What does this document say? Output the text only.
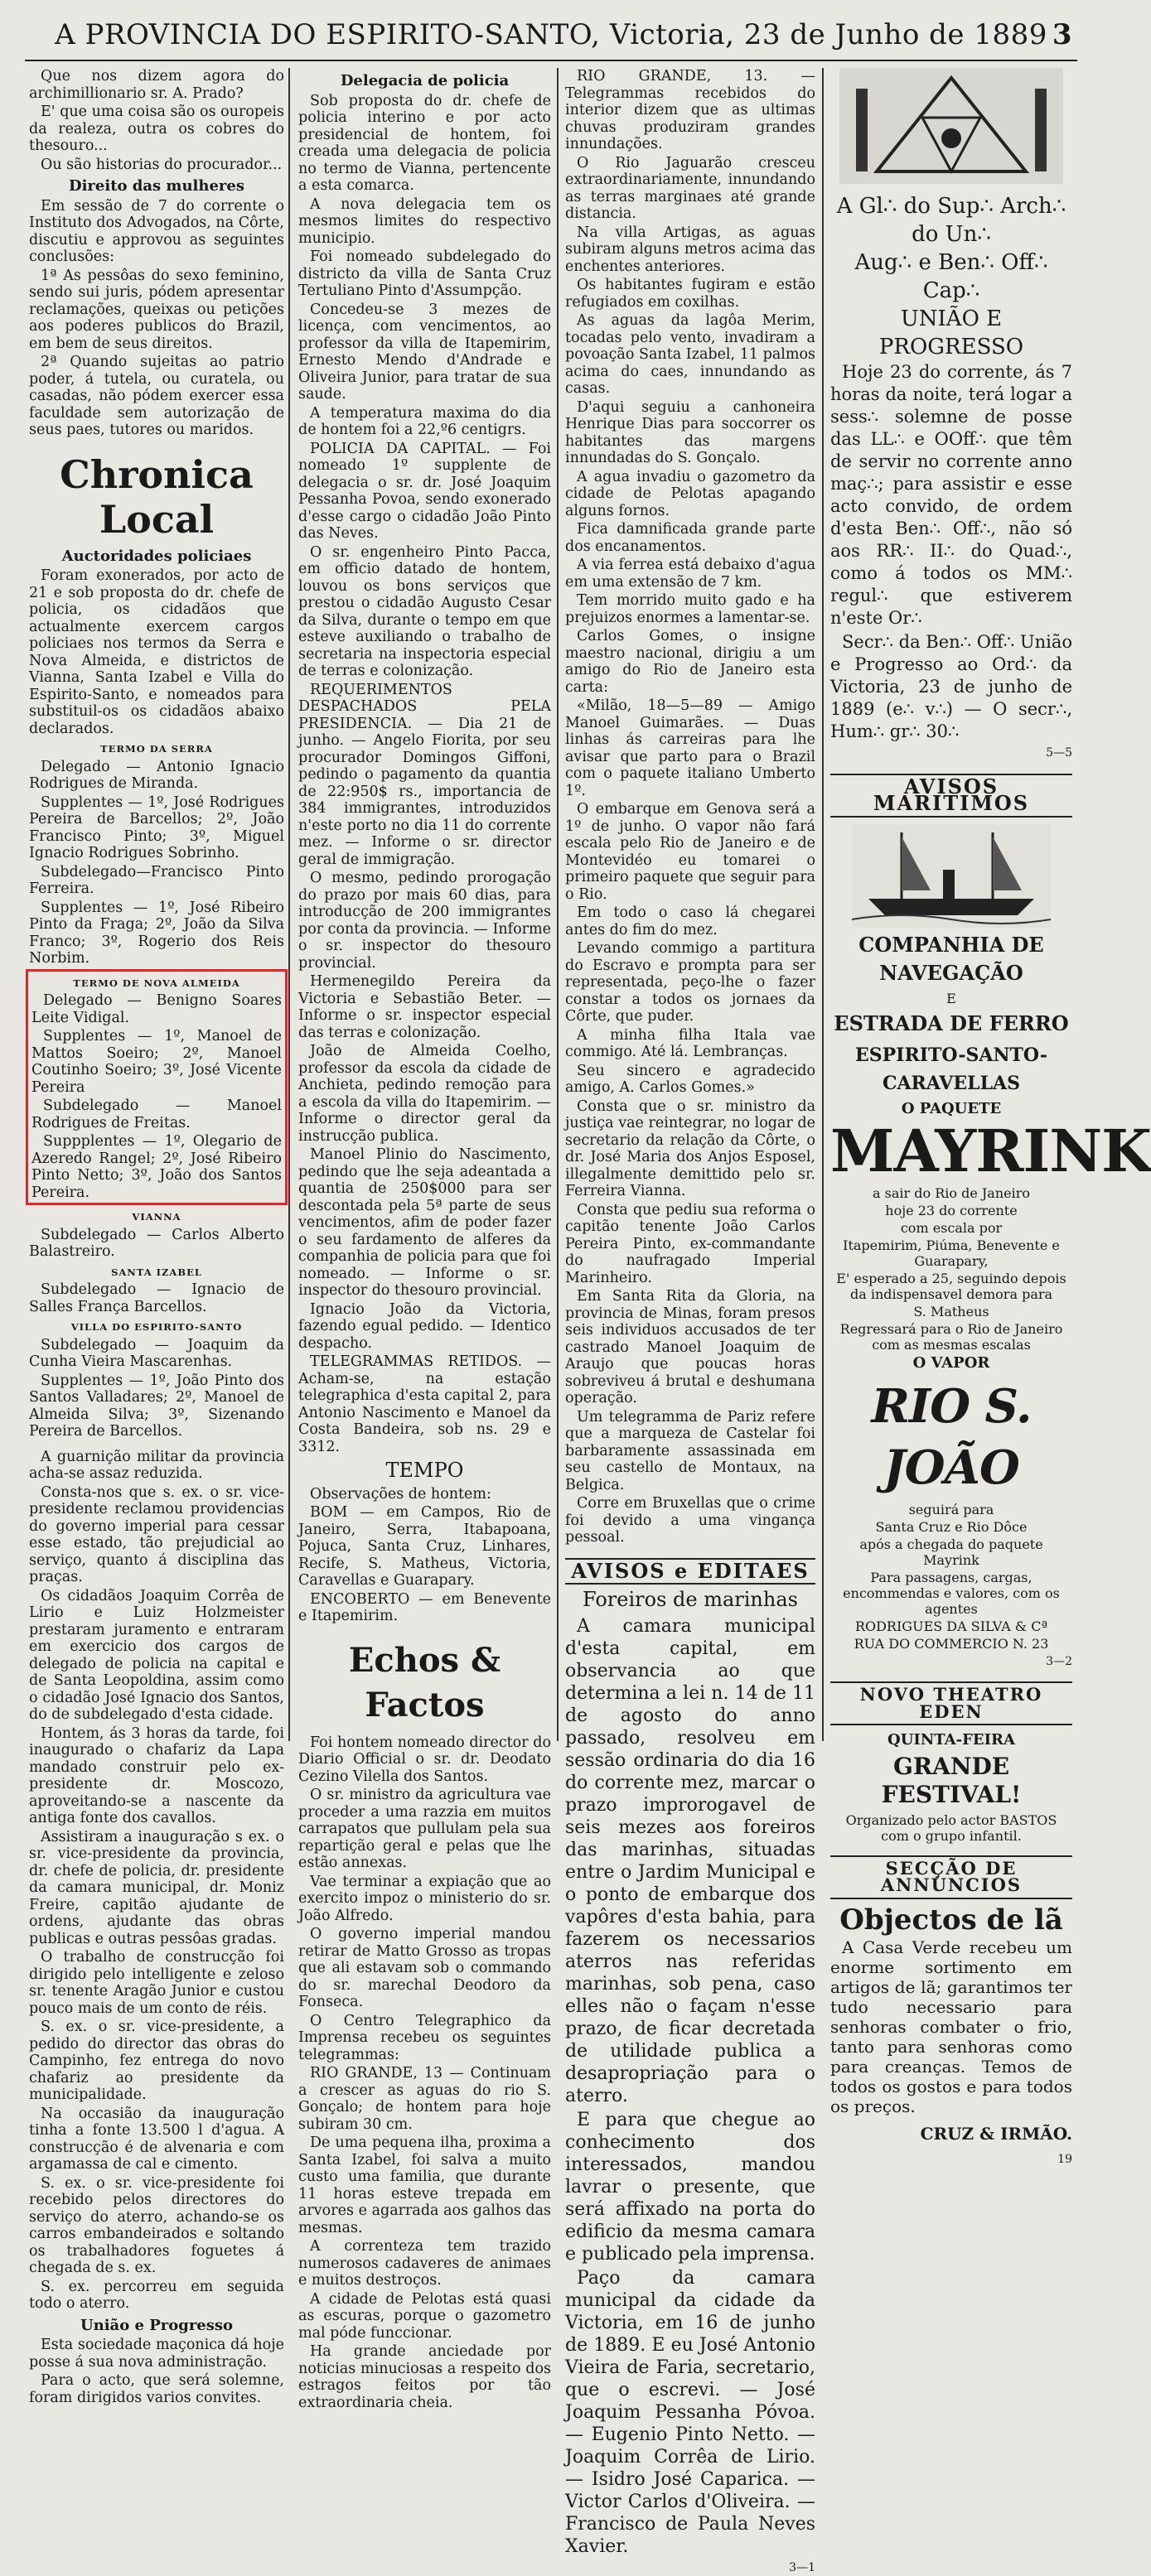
A PROVINCIA DO ESPIRITO-SANTO, Victoria, 23 de Junho de 1889 3

Que nos dizem agora do archimillionario sr. A. Prado?

E' que uma coisa são os ouropeis da realeza, outra os cobres do thesouro...

Ou são historias do procurador...

Direito das mulheres

Em sessão de 7 do corrente o Instituto dos Advogados, na Côrte, discutiu e approvou as seguintes conclusões:

1ª As pessôas do sexo feminino, sendo sui juris, pódem apresentar reclamações, queixas ou petições aos poderes publicos do Brazil, em bem de seus direitos.

2ª Quando sujeitas ao patrio poder, á tutela, ou curatela, ou casadas, não pódem exercer essa faculdade sem autorização de seus paes, tutores ou maridos.

Chronica Local
Auctoridades policiaes

Foram exonerados, por acto de 21 e sob proposta do dr. chefe de policia, os cidadãos que actualmente exercem cargos policiaes nos termos da Serra e Nova Almeida, e districtos de Vianna, Santa Izabel e Villa do Espirito-Santo, e nomeados para substituil-os os cidadãos abaixo declarados.

TERMO DA SERRA

Delegado — Antonio Ignacio Rodrigues de Miranda.

Supplentes — 1º, José Rodrigues Pereira de Barcellos; 2º, João Francisco Pinto; 3º, Miguel Ignacio Rodrigues Sobrinho.

Subdelegado—Francisco Pinto Ferreira.

Supplentes — 1º, José Ribeiro Pinto da Fraga; 2º, João da Silva Franco; 3º, Rogerio dos Reis Norbim.

TERMO DE NOVA ALMEIDA

Delegado — Benigno Soares Leite Vidigal.

Supplentes — 1º, Manoel de Mattos Soeiro; 2º, Manoel Coutinho Soeiro; 3º, José Vicente Pereira

Subdelegado — Manoel Rodrigues de Freitas.

Suppplentes — 1º, Olegario de Azeredo Rangel; 2º, José Ribeiro Pinto Netto; 3º, João dos Santos Pereira.

VIANNA

Subdelegado — Carlos Alberto Balastreiro.

SANTA IZABEL

Subdelegado — Ignacio de Salles França Barcellos.

VILLA DO ESPIRITO-SANTO

Subdelegado — Joaquim da Cunha Vieira Mascarenhas.

Supplentes — 1º, João Pinto dos Santos Valladares; 2º, Manoel de Almeida Silva; 3º, Sizenando Pereira de Barcellos.

A guarnição militar da provincia acha-se assaz reduzida.

Consta-nos que s. ex. o sr. vice-presidente reclamou providencias do governo imperial para cessar esse estado, tão prejudicial ao serviço, quanto á disciplina das praças.

Os cidadãos Joaquim Corrêa de Lirio e Luiz Holzmeister prestaram juramento e entraram em exercicio dos cargos de delegado de policia na capital e de Santa Leopoldina, assim como o cidadão José Ignacio dos Santos, do de subdelegado d'esta cidade.

Hontem, ás 3 horas da tarde, foi inaugurado o chafariz da Lapa mandado construir pelo ex-presidente dr. Moscozo, aproveitando-se a nascente da antiga fonte dos cavallos.

Assistiram a inauguração s ex. o sr. vice-presidente da provincia, dr. chefe de policia, dr. presidente da camara municipal, dr. Moniz Freire, capitão ajudante de ordens, ajudante das obras publicas e outras pessôas gradas.

O trabalho de construcção foi dirigido pelo intelligente e zeloso sr. tenente Aragão Junior e custou pouco mais de um conto de réis.

S. ex. o sr. vice-presidente, a pedido do director das obras do Campinho, fez entrega do novo chafariz ao presidente da municipalidade.

Na occasião da inauguração tinha a fonte 13.500 l d'agua. A construcção é de alvenaria e com argamassa de cal e cimento.

S. ex. o sr. vice-presidente foi recebido pelos directores do serviço do aterro, achando-se os carros embandeirados e soltando os trabalhadores foguetes á chegada de s. ex.

S. ex. percorreu em seguida todo o aterro.

União e Progresso

Esta sociedade maçonica dá hoje posse á sua nova administração.

Para o acto, que será solemne, foram dirigidos varios convites.

Delegacia de policia

Sob proposta do dr. chefe de policia interino e por acto presidencial de hontem, foi creada uma delegacia de policia no termo de Vianna, pertencente a esta comarca.

A nova delegacia tem os mesmos limites do respectivo municipio.

Foi nomeado subdelegado do districto da villa de Santa Cruz Tertuliano Pinto d'Assumpção.

Concedeu-se 3 mezes de licença, com vencimentos, ao professor da villa de Itapemirim, Ernesto Mendo d'Andrade e Oliveira Junior, para tratar de sua saude.

A temperatura maxima do dia de hontem foi a 22,º6 centigrs.

POLICIA DA CAPITAL. — Foi nomeado 1º supplente de delegacia o sr. dr. José Joaquim Pessanha Povoa, sendo exonerado d'esse cargo o cidadão João Pinto das Neves.

O sr. engenheiro Pinto Pacca, em officio datado de hontem, louvou os bons serviços que prestou o cidadão Augusto Cesar da Silva, durante o tempo em que esteve auxiliando o trabalho de secretaria na inspectoria especial de terras e colonização.

REQUERIMENTOS DESPACHADOS PELA PRESIDENCIA. — Dia 21 de junho. — Angelo Fiorita, por seu procurador Domingos Giffoni, pedindo o pagamento da quantia de 22:950$ rs., importancia de 384 immigrantes, introduzidos n'este porto no dia 11 do corrente mez. — Informe o sr. director geral de immigração.

O mesmo, pedindo prorogação do prazo por mais 60 dias, para introducção de 200 immigrantes por conta da provincia. — Informe o sr. inspector do thesouro provincial.

Hermenegildo Pereira da Victoria e Sebastião Beter. — Informe o sr. inspector especial das terras e colonização.

João de Almeida Coelho, professor da escola da cidade de Anchieta, pedindo remoção para a escola da villa do Itapemirim. — Informe o director geral da instrucção publica.

Manoel Plinio do Nascimento, pedindo que lhe seja adeantada a quantia de 250$000 para ser descontada pela 5ª parte de seus vencimentos, afim de poder fazer o seu fardamento de alferes da companhia de policia para que foi nomeado. — Informe o sr. inspector do thesouro provincial.

Ignacio João da Victoria, fazendo egual pedido. — Identico despacho.

TELEGRAMMAS RETIDOS. — Acham-se, na estação telegraphica d'esta capital 2, para Antonio Nascimento e Manoel da Costa Bandeira, sob ns. 29 e 3312.

TEMPO

Observações de hontem:

BOM — em Campos, Rio de Janeiro, Serra, Itabapoana, Pojuca, Santa Cruz, Linhares, Recife, S. Matheus, Victoria, Caravellas e Guarapary.

ENCOBERTO — em Benevente e Itapemirim.

Echos & Factos

Foi hontem nomeado director do Diario Official o sr. dr. Deodato Cezino Vilella dos Santos.

O sr. ministro da agricultura vae proceder a uma razzia em muitos carrapatos que pullulam pela sua repartição geral e pelas que lhe estão annexas.

Vae terminar a expiação que ao exercito impoz o ministerio do sr. João Alfredo.

O governo imperial mandou retirar de Matto Grosso as tropas que ali estavam sob o commando do sr. marechal Deodoro da Fonseca.

O Centro Telegraphico da Imprensa recebeu os seguintes telegrammas:

RIO GRANDE, 13 — Continuam a crescer as aguas do rio S. Gonçalo; de hontem para hoje subiram 30 cm.

De uma pequena ilha, proxima a Santa Izabel, foi salva a muito custo uma familia, que durante 11 horas esteve trepada em arvores e agarrada aos galhos das mesmas.

A correnteza tem trazido numerosos cadaveres de animaes e muitos destroços.

A cidade de Pelotas está quasi as escuras, porque o gazometro mal póde funccionar.

Ha grande anciedade por noticias minuciosas a respeito dos estragos feitos por tão extraordinaria cheia.

RIO GRANDE, 13. — Telegrammas recebidos do interior dizem que as ultimas chuvas produziram grandes innundações.

O Rio Jaguarão cresceu extraordinariamente, innundando as terras marginaes até grande distancia.

Na villa Artigas, as aguas subiram alguns metros acima das enchentes anteriores.

Os habitantes fugiram e estão refugiados em coxilhas.

As aguas da lagôa Merim, tocadas pelo vento, invadiram a povoação Santa Izabel, 11 palmos acima do caes, innundando as casas.

D'aqui seguiu a canhoneira Henrique Dias para soccorrer os habitantes das margens innundadas do S. Gonçalo.

A agua invadiu o gazometro da cidade de Pelotas apagando alguns fornos.

Fica damnificada grande parte dos encanamentos.

A via ferrea está debaixo d'agua em uma extensão de 7 km.

Tem morrido muito gado e ha prejuizos enormes a lamentar-se.

Carlos Gomes, o insigne maestro nacional, dirigiu a um amigo do Rio de Janeiro esta carta:

«Milão, 18—5—89 — Amigo Manoel Guimarães. — Duas linhas ás carreiras para lhe avisar que parto para o Brazil com o paquete italiano Umberto 1º.

O embarque em Genova será a 1º de junho. O vapor não fará escala pelo Rio de Janeiro e de Montevidéo eu tomarei o primeiro paquete que seguir para o Rio.

Em todo o caso lá chegarei antes do fim do mez.

Levando commigo a partitura do Escravo e prompta para ser representada, peço-lhe o fazer constar a todos os jornaes da Côrte, que puder.

A minha filha Itala vae commigo. Até lá. Lembranças.

Seu sincero e agradecido amigo, A. Carlos Gomes.»

Consta que o sr. ministro da justiça vae reintegrar, no logar de secretario da relação da Côrte, o dr. José Maria dos Anjos Esposel, illegalmente demittido pelo sr. Ferreira Vianna.

Consta que pediu sua reforma o capitão tenente João Carlos Pereira Pinto, ex-commandante do naufragado Imperial Marinheiro.

Em Santa Rita da Gloria, na provincia de Minas, foram presos seis individuos accusados de ter castrado Manoel Joaquim de Araujo que poucas horas sobreviveu á brutal e deshumana operação.

Um telegramma de Pariz refere que a marqueza de Castelar foi barbaramente assassinada em seu castello de Montaux, na Belgica.

Corre em Bruxellas que o crime foi devido a uma vingança pessoal.

AVISOS e EDITAES
Foreiros de marinhas

A camara municipal d'esta capital, em observancia ao que determina a lei n. 14 de 11 de agosto do anno passado, resolveu em sessão ordinaria do dia 16 do corrente mez, marcar o prazo improrogavel de seis mezes aos foreiros das marinhas, situadas entre o Jardim Municipal e o ponto de embarque dos vapôres d'esta bahia, para fazerem os necessarios aterros nas referidas marinhas, sob pena, caso elles não o façam n'esse prazo, de ficar decretada de utilidade publica a desapropriação para o aterro.

E para que chegue ao conhecimento dos interessados, mandou lavrar o presente, que será affixado na porta do edificio da mesma camara e publicado pela imprensa.

Paço da camara municipal da cidade da Victoria, em 16 de junho de 1889. E eu José Antonio Vieira de Faria, secretario, que o escrevi. — José Joaquim Pessanha Póvoa. — Eugenio Pinto Netto. — Joaquim Corrêa de Lirio. — Isidro José Caparica. — Victor Carlos d'Oliveira. — Francisco de Paula Neves Xavier.

3—1
A Gl∴ do Sup∴ Arch∴ do Un∴
Aug∴ e Ben∴ Off∴ Cap∴
UNIÃO E PROGRESSO

Hoje 23 do corrente, ás 7 horas da noite, terá logar a sess∴ solemne de posse das LL∴ e OOff∴ que têm de servir no corrente anno maç∴; para assistir e esse acto convido, de ordem d'esta Ben∴ Off∴, não só aos RR∴ II∴ do Quad∴, como á todos os MM∴ regul∴ que estiverem n'este Or∴

Secr∴ da Ben∴ Off∴ União e Progresso ao Ord∴ da Victoria, 23 de junho de 1889 (e∴ v∴) — O secr∴, Hum∴ gr∴ 30∴

5—5
AVISOS MARITIMOS
COMPANHIA DE NAVEGAÇÃO
E
ESTRADA DE FERRO
ESPIRITO-SANTO-CARAVELLAS
O PAQUETE
MAYRINK
a sair do Rio de Janeiro
hoje 23 do corrente
com escala por
Itapemirim, Piúma, Benevente e Guarapary,
E' esperado a 25, seguindo depois da indispensavel demora para
S. Matheus
Regressará para o Rio de Janeiro com as mesmas escalas
O VAPOR
RIO S. JOÃO
seguirá para
Santa Cruz e Rio Dôce
após a chegada do paquete Mayrink
Para passagens, cargas, encommendas e valores, com os agentes
RODRIGUES DA SILVA & Cª
RUA DO COMMERCIO N. 23
3—2
NOVO THEATRO EDEN
QUINTA-FEIRA
GRANDE FESTIVAL!
Organizado pelo actor BASTOS com o grupo infantil.
SECÇÃO DE ANNUNCIOS
Objectos de lã

A Casa Verde recebeu um enorme sortimento em artigos de lã; garantimos ter tudo necessario para senhoras combater o frio, tanto para senhoras como para creanças. Temos de todos os gostos e para todos os preços.

CRUZ & IRMÃO.
19
